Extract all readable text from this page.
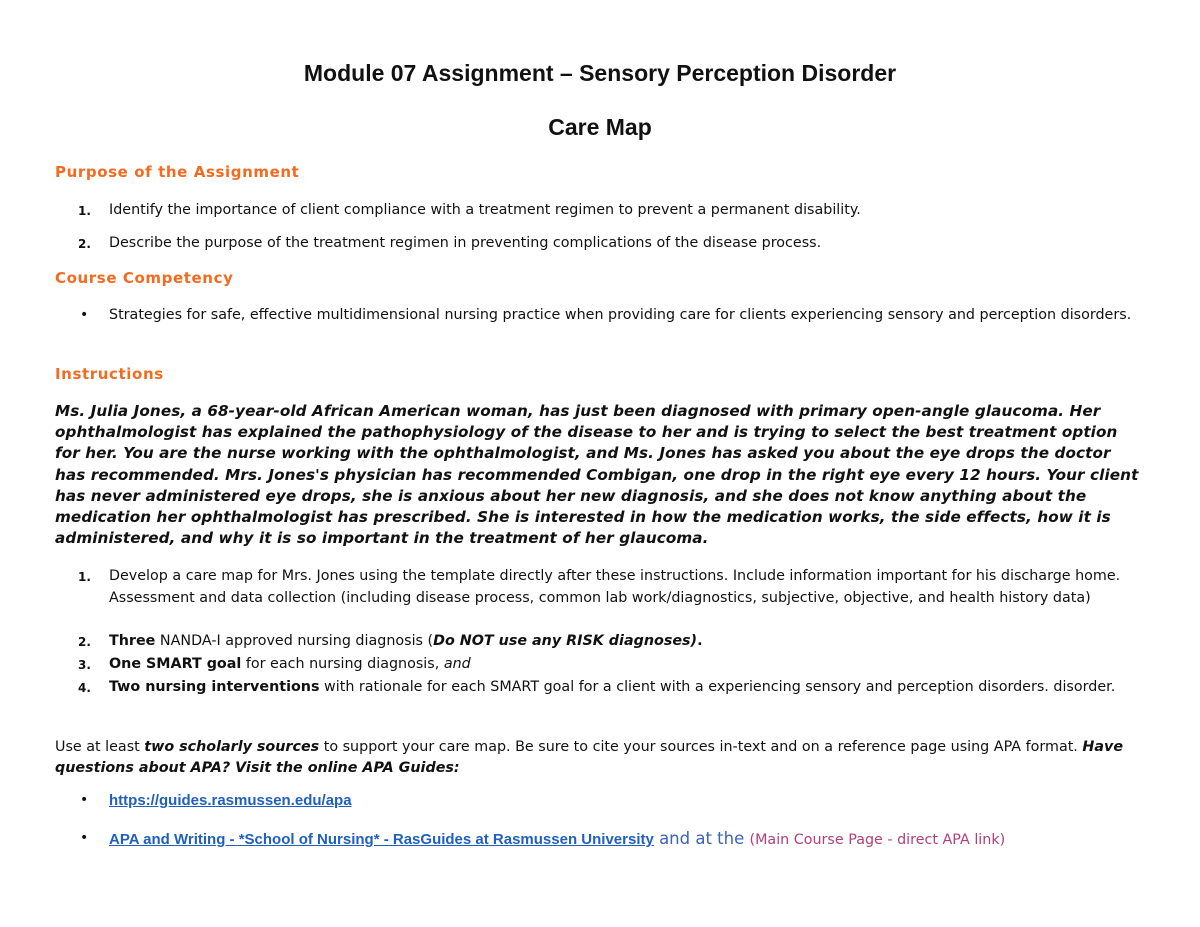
Module 07 Assignment – Sensory Perception Disorder
Care Map
Purpose of the Assignment
1. Identify the importance of client compliance with a treatment regimen to prevent a permanent disability.
2. Describe the purpose of the treatment regimen in preventing complications of the disease process.
Course Competency
• Strategies for safe, effective multidimensional nursing practice when providing care for clients experiencing sensory and perception disorders.
Instructions
Ms. Julia Jones, a 68-year-old African American woman, has just been diagnosed with primary open-angle glaucoma. Her ophthalmologist has explained the pathophysiology of the disease to her and is trying to select the best treatment option for her. You are the nurse working with the ophthalmologist, and Ms. Jones has asked you about the eye drops the doctor has recommended. Mrs. Jones's physician has recommended Combigan, one drop in the right eye every 12 hours. Your client has never administered eye drops, she is anxious about her new diagnosis, and she does not know anything about the medication her ophthalmologist has prescribed. She is interested in how the medication works, the side effects, how it is administered, and why it is so important in the treatment of her glaucoma.
1. Develop a care map for Mrs. Jones using the template directly after these instructions. Include information important for his discharge home. Assessment and data collection (including disease process, common lab work/diagnostics, subjective, objective, and health history data)
2. Three NANDA-I approved nursing diagnosis (Do NOT use any RISK diagnoses).
3. One SMART goal for each nursing diagnosis, and
4. Two nursing interventions with rationale for each SMART goal for a client with a experiencing sensory and perception disorders. disorder.
Use at least two scholarly sources to support your care map. Be sure to cite your sources in-text and on a reference page using APA format. Have questions about APA? Visit the online APA Guides:
• https://guides.rasmussen.edu/apa
• APA and Writing - *School of Nursing* - RasGuides at Rasmussen University and at the (Main Course Page - direct APA link)
